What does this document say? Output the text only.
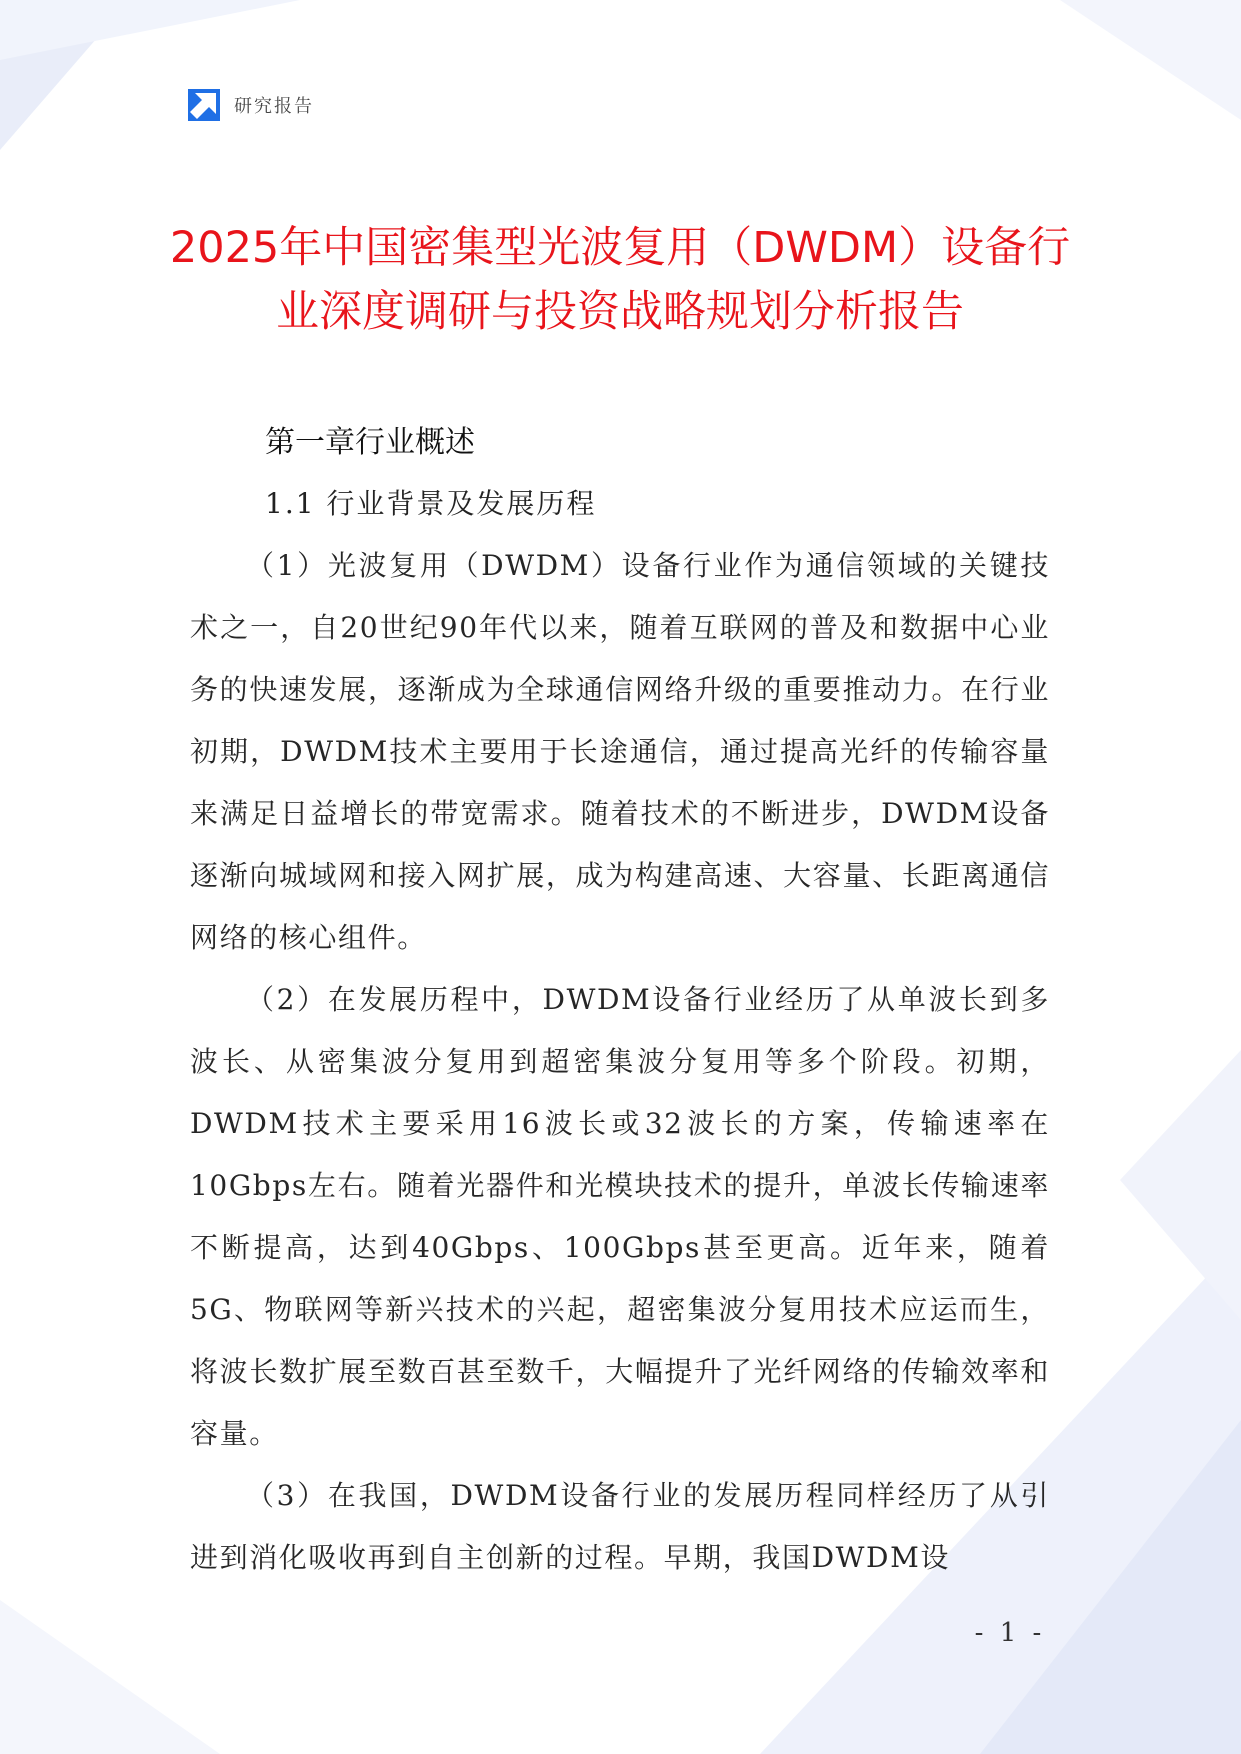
研究报告
2025年中国密集型光波复用（DWDM）设备行
业深度调研与投资战略规划分析报告
第一章行业概述
1.1 行业背景及发展历程

（1）光波复用（DWDM）设备行业作为通信领域的关键技术之一，自20世纪90年代以来，随着互联网的普及和数据中心业务的快速发展，逐渐成为全球通信网络升级的重要推动力。在行业初期，DWDM技术主要用于长途通信，通过提高光纤的传输容量来满足日益增长的带宽需求。随着技术的不断进步，DWDM设备逐渐向城域网和接入网扩展，成为构建高速、大容量、长距离通信网络的核心组件。

（2）在发展历程中，DWDM设备行业经历了从单波长到多波长、从密集波分复用到超密集波分复用等多个阶段。初期，DWDM技术主要采用16波长或32波长的方案，传输速率在10Gbps左右。随着光器件和光模块技术的提升，单波长传输速率不断提高，达到40Gbps、100Gbps甚至更高。近年来，随着5G、物联网等新兴技术的兴起，超密集波分复用技术应运而生，将波长数扩展至数百甚至数千，大幅提升了光纤网络的传输效率和容量。

（3）在我国，DWDM设备行业的发展历程同样经历了从引进到消化吸收再到自主创新的过程。早期，我国DWDM设

- 1 -
